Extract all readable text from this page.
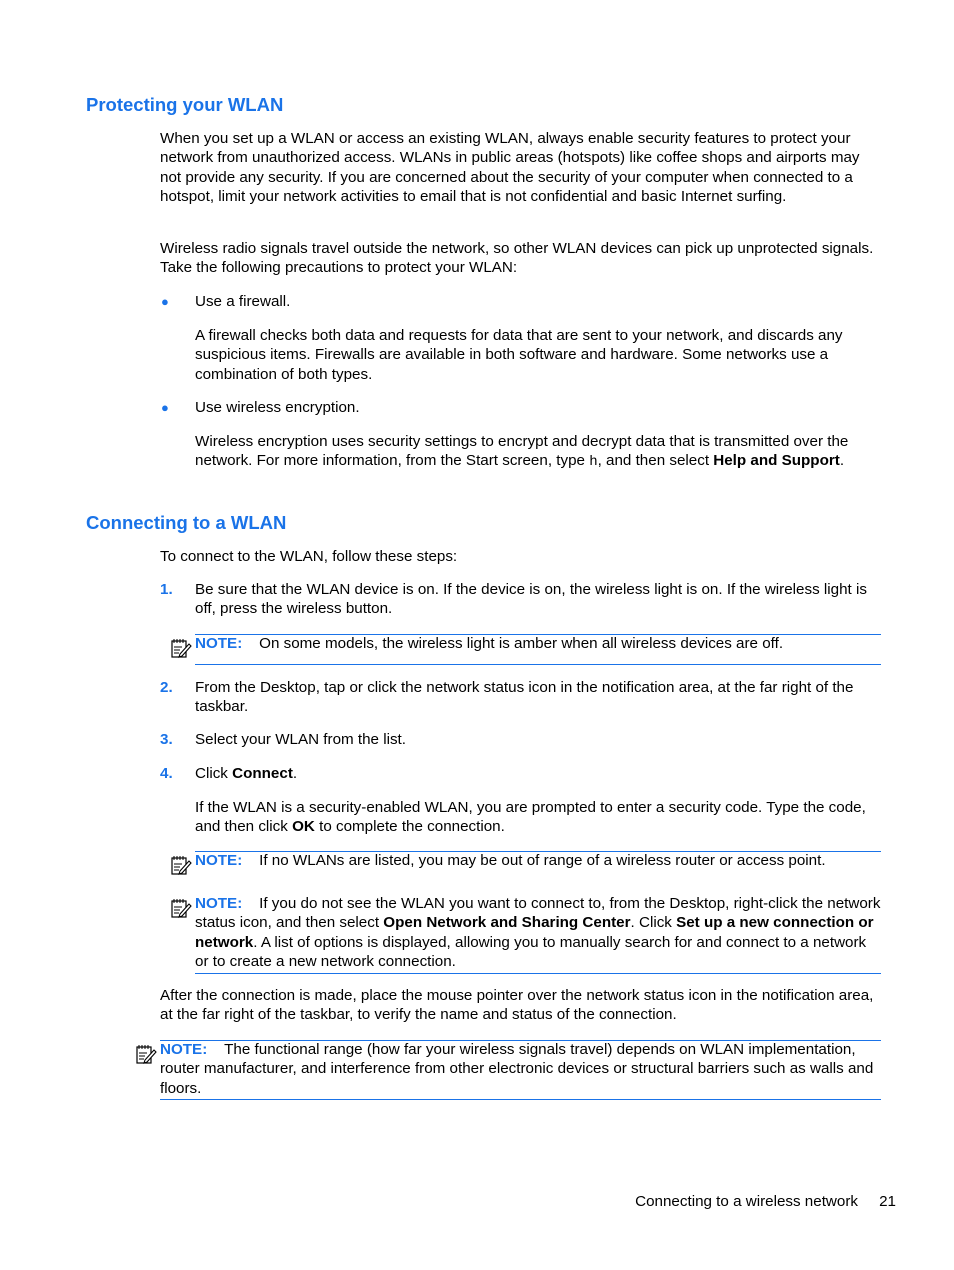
Protecting your WLAN

When you set up a WLAN or access an existing WLAN, always enable security features to protect your network from unauthorized access. WLANs in public areas (hotspots) like coffee shops and airports may not provide any security. If you are concerned about the security of your computer when connected to a hotspot, limit your network activities to email that is not confidential and basic Internet surfing.

Wireless radio signals travel outside the network, so other WLAN devices can pick up unprotected signals. Take the following precautions to protect your WLAN:

● Use a firewall.

A firewall checks both data and requests for data that are sent to your network, and discards any suspicious items. Firewalls are available in both software and hardware. Some networks use a combination of both types.

● Use wireless encryption.

Wireless encryption uses security settings to encrypt and decrypt data that is transmitted over the network. For more information, from the Start screen, type h, and then select Help and Support.

Connecting to a WLAN

To connect to the WLAN, follow these steps:

1. Be sure that the WLAN device is on. If the device is on, the wireless light is on. If the wireless light is off, press the wireless button.

NOTE: On some models, the wireless light is amber when all wireless devices are off.

2. From the Desktop, tap or click the network status icon in the notification area, at the far right of the taskbar.

3. Select your WLAN from the list.

4. Click Connect.

If the WLAN is a security-enabled WLAN, you are prompted to enter a security code. Type the code, and then click OK to complete the connection.

NOTE: If no WLANs are listed, you may be out of range of a wireless router or access point.

NOTE: If you do not see the WLAN you want to connect to, from the Desktop, right-click the network status icon, and then select Open Network and Sharing Center. Click Set up a new connection or network. A list of options is displayed, allowing you to manually search for and connect to a network or to create a new network connection.

After the connection is made, place the mouse pointer over the network status icon in the notification area, at the far right of the taskbar, to verify the name and status of the connection.

NOTE: The functional range (how far your wireless signals travel) depends on WLAN implementation, router manufacturer, and interference from other electronic devices or structural barriers such as walls and floors.

Connecting to a wireless network 21
